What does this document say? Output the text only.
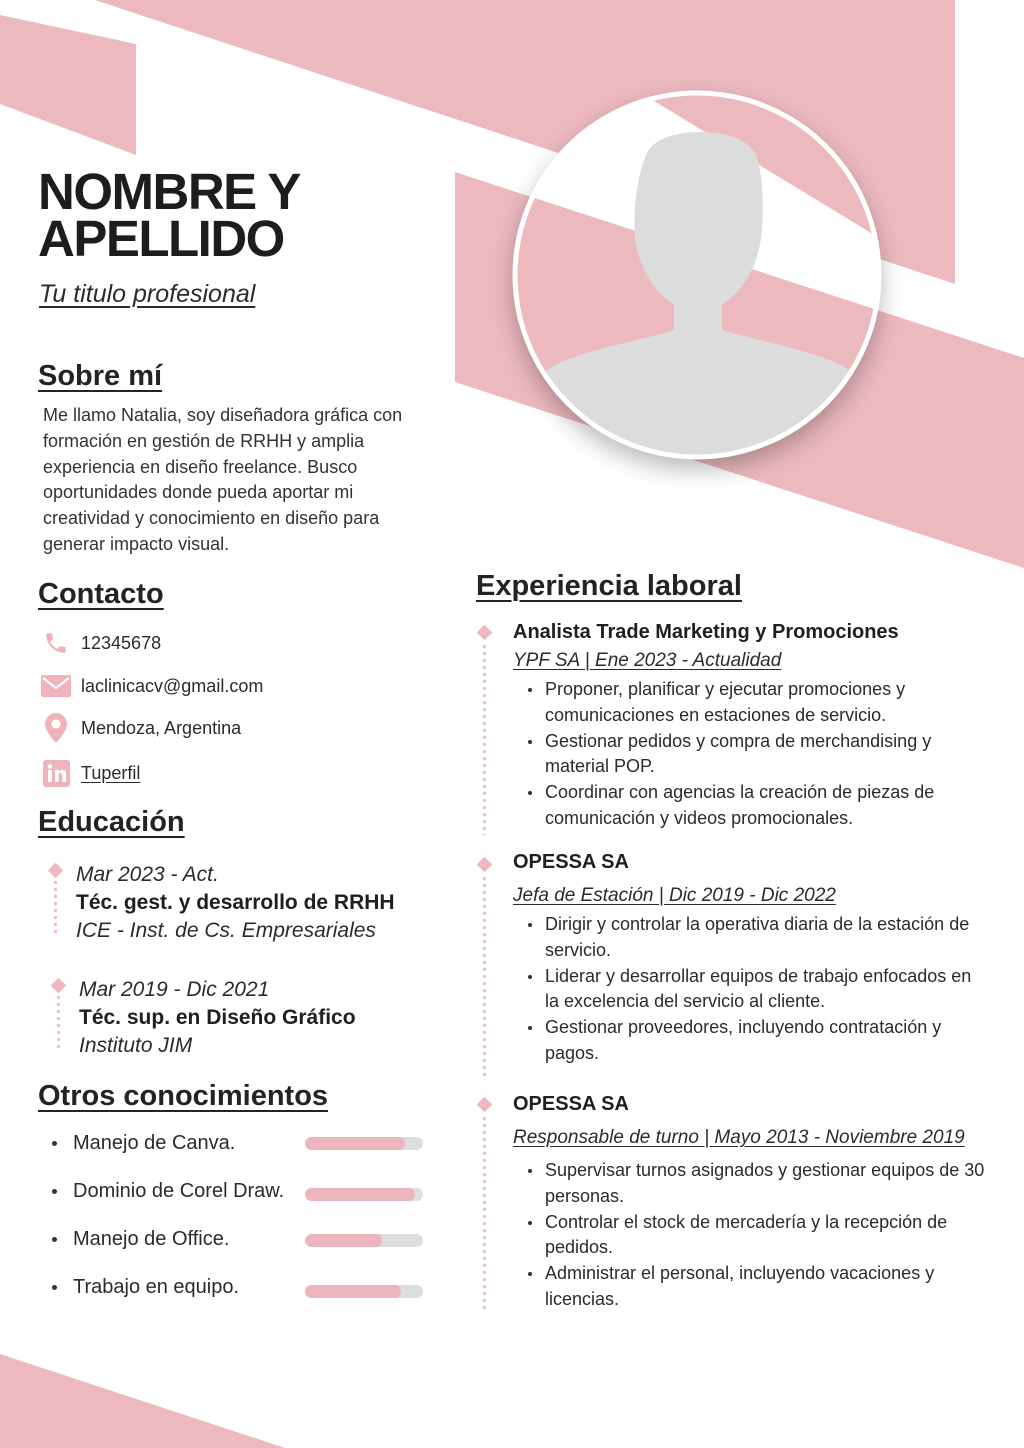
NOMBRE Y
APELLIDO
Tu titulo profesional
Sobre mí
Me llamo Natalia, soy diseñadora gráfica con formación en gestión de RRHH y amplia experiencia en diseño freelance. Busco oportunidades donde pueda aportar mi creatividad y conocimiento en diseño para generar impacto visual.
Contacto
12345678
laclinicacv@gmail.com
Mendoza, Argentina
Tuperfil
Educación
Mar 2023 - Act.
Téc. gest. y desarrollo de RRHH
ICE - Inst. de Cs. Empresariales
Mar 2019 - Dic 2021
Téc. sup. en Diseño Gráfico
Instituto JIM
Otros conocimientos
Manejo de Canva.
Dominio de Corel Draw.
Manejo de Office.
Trabajo en equipo.
Experiencia laboral
Analista Trade Marketing y Promociones
YPF SA | Ene 2023 - Actualidad
Proponer, planificar y ejecutar promociones y comunicaciones en estaciones de servicio.
Gestionar pedidos y compra de merchandising y material POP.
Coordinar con agencias la creación de piezas de comunicación y videos promocionales.
OPESSA SA
Jefa de Estación | Dic 2019 - Dic 2022
Dirigir y controlar la operativa diaria de la estación de servicio.
Liderar y desarrollar equipos de trabajo enfocados en la excelencia del servicio al cliente.
Gestionar proveedores, incluyendo contratación y pagos.
OPESSA SA
Responsable de turno | Mayo 2013 - Noviembre 2019
Supervisar turnos asignados y gestionar equipos de 30 personas.
Controlar el stock de mercadería y la recepción de pedidos.
Administrar el personal, incluyendo vacaciones y licencias.
